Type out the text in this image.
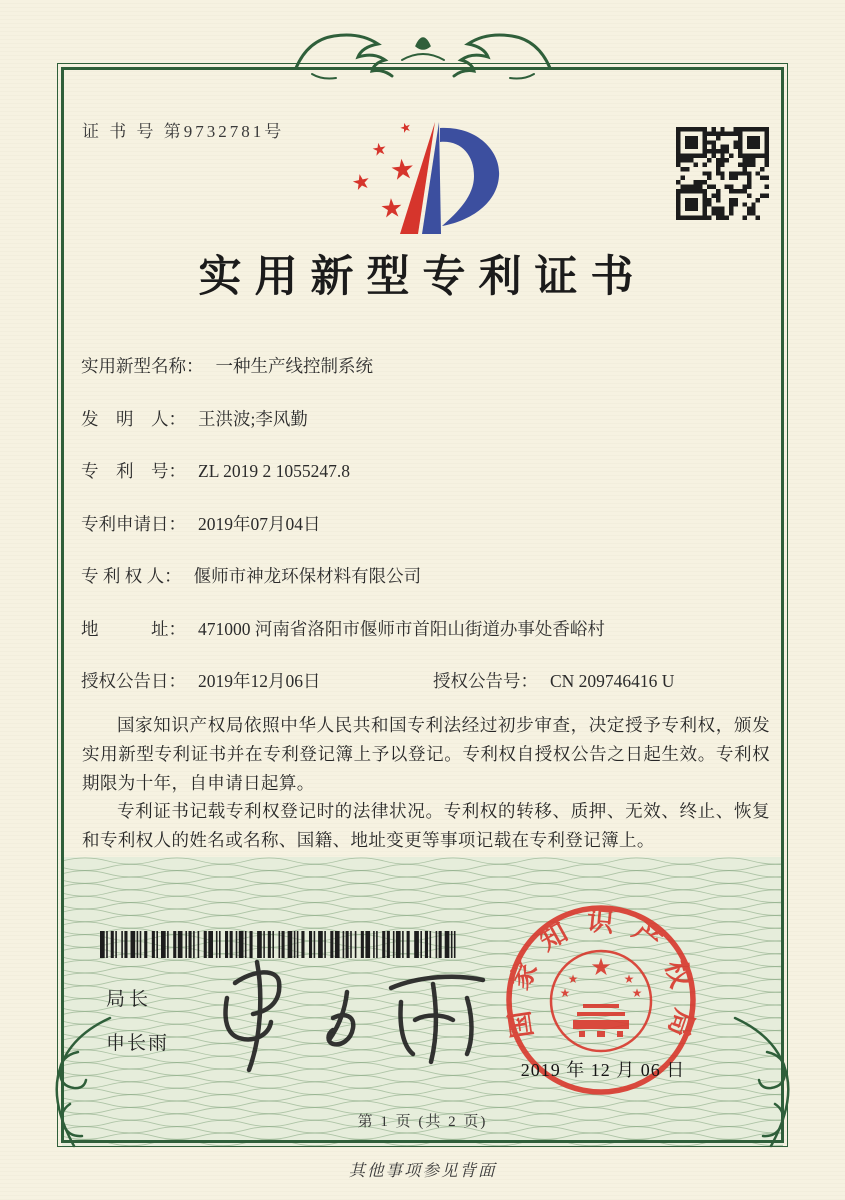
证 书 号 第9732781号	★
★
★
★
★
实用新型专利证书
实用新型名称： 一种生产线控制系统
发　明　人： 王洪波;李风勤
专　利　号： ZL 2019 2 1055247.8
专利申请日： 2019年07月04日
专 利 权 人： 偃师市神龙环保材料有限公司
地　　　址： 471000 河南省洛阳市偃师市首阳山街道办事处香峪村
授权公告日： 2019年12月06日	授权公告号： CN 209746416 U
国家知识产权局依照中华人民共和国专利法经过初步审查，决定授予专利权，颁发实用新型专利证书并在专利登记簿上予以登记。专利权自授权公告之日起生效。专利权期限为十年，自申请日起算。
专利证书记载专利权登记时的法律状况。专利权的转移、质押、无效、终止、恢复和专利权人的姓名或名称、国籍、地址变更等事项记载在专利登记簿上。
局长
申长雨
国家知识产权局
★
★	★
★	★
2019 年 12 月 06 日
第 1 页 (共 2 页)
其他事项参见背面
